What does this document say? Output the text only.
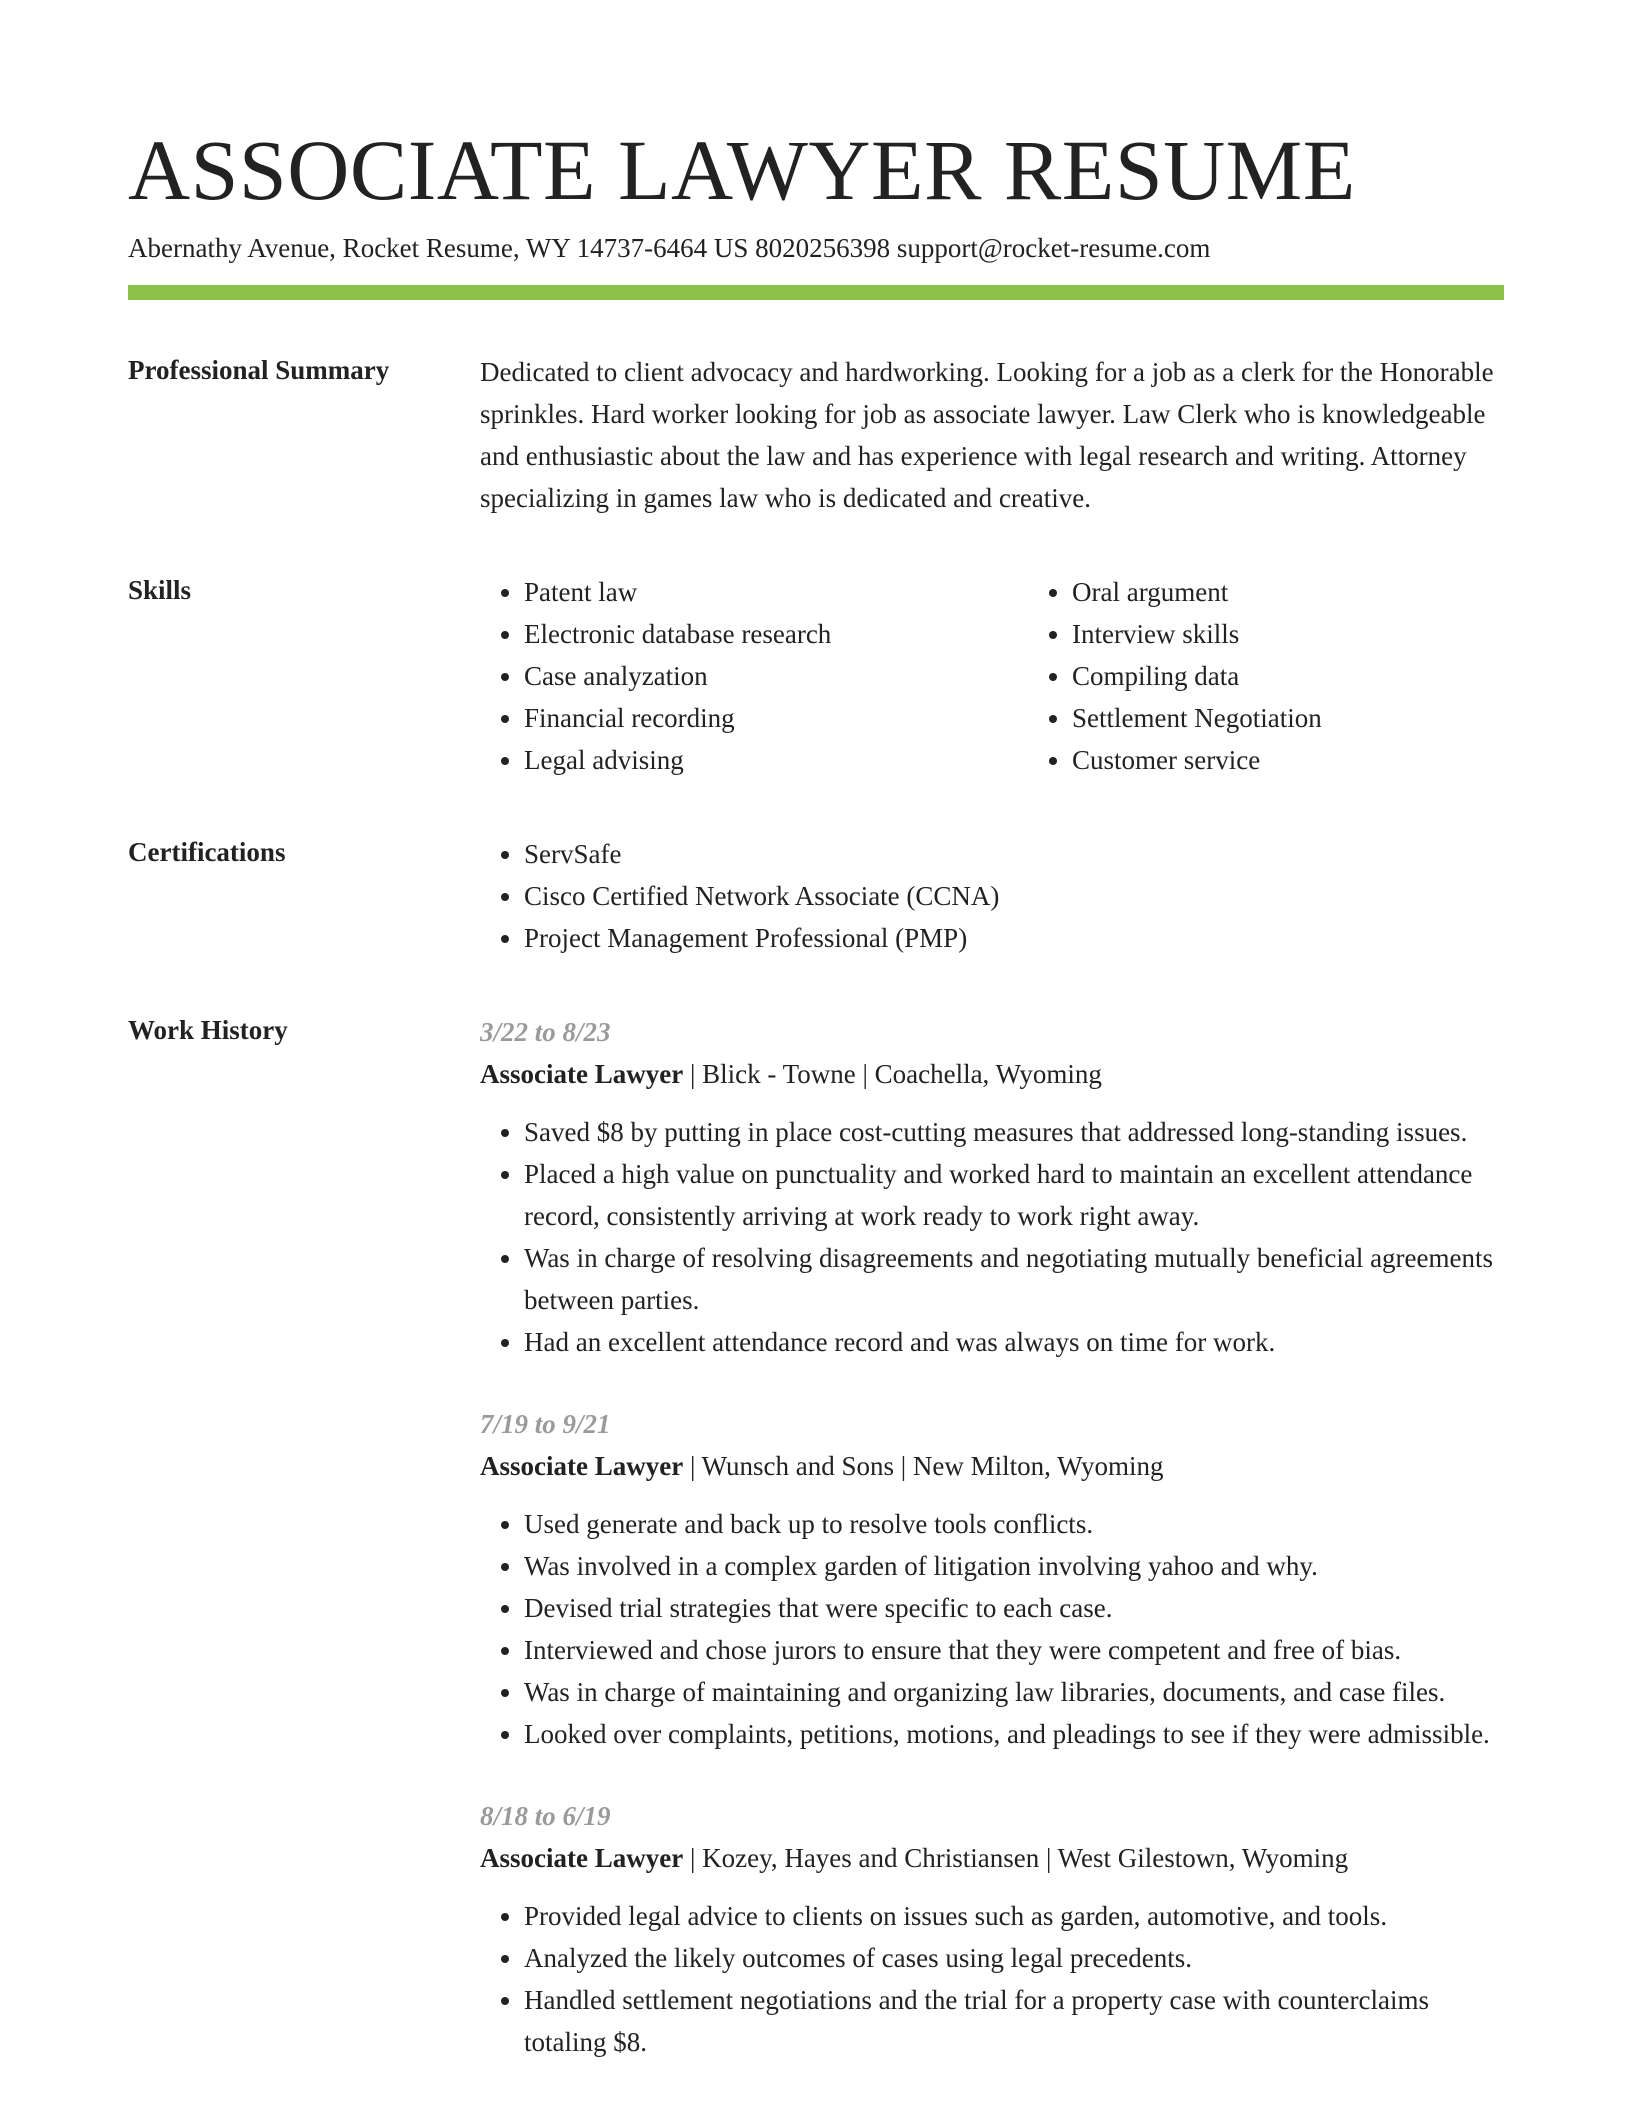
ASSOCIATE LAWYER RESUME
Abernathy Avenue, Rocket Resume, WY 14737-6464 US 8020256398 support@rocket-resume.com
Professional Summary	Dedicated to client advocacy and hardworking. Looking for a job as a clerk for the Honorable sprinkles. Hard worker looking for job as associate lawyer. Law Clerk who is knowledgeable and enthusiastic about the law and has experience with legal research and writing. Attorney specializing in games law who is dedicated and creative.

Skills	• Patent law
• Electronic database research
• Case analyzation
• Financial recording
• Legal advising
• Oral argument
• Interview skills
• Compiling data
• Settlement Negotiation
• Customer service
Certifications	• ServSafe
• Cisco Certified Network Associate (CCNA)
• Project Management Professional (PMP)
Work History	3/22 to 8/23
Associate Lawyer | Blick - Towne | Coachella, Wyoming
• Saved $8 by putting in place cost-cutting measures that addressed long-standing issues.
• Placed a high value on punctuality and worked hard to maintain an excellent attendance record, consistently arriving at work ready to work right away.
• Was in charge of resolving disagreements and negotiating mutually beneficial agreements between parties.
• Had an excellent attendance record and was always on time for work.
7/19 to 9/21
Associate Lawyer | Wunsch and Sons | New Milton, Wyoming
• Used generate and back up to resolve tools conflicts.
• Was involved in a complex garden of litigation involving yahoo and why.
• Devised trial strategies that were specific to each case.
• Interviewed and chose jurors to ensure that they were competent and free of bias.
• Was in charge of maintaining and organizing law libraries, documents, and case files.
• Looked over complaints, petitions, motions, and pleadings to see if they were admissible.
8/18 to 6/19
Associate Lawyer | Kozey, Hayes and Christiansen | West Gilestown, Wyoming
• Provided legal advice to clients on issues such as garden, automotive, and tools.
• Analyzed the likely outcomes of cases using legal precedents.
• Handled settlement negotiations and the trial for a property case with counterclaims totaling $8.
